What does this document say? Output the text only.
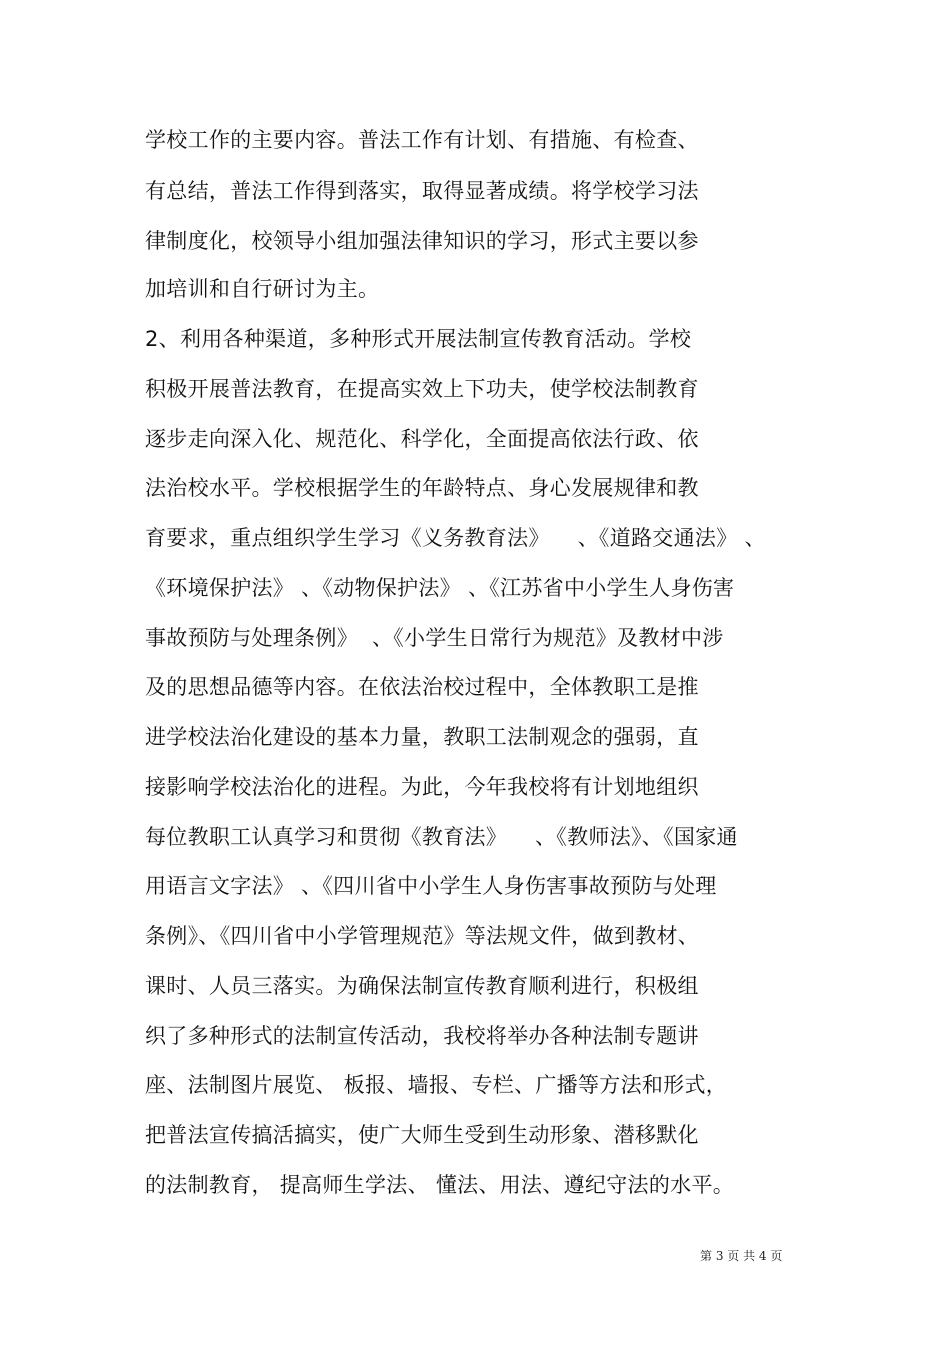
学校工作的主要内容。普法工作有计划、有措施、有检查、
有总结，普法工作得到落实，取得显著成绩。将学校学习法
律制度化，校领导小组加强法律知识的学习，形式主要以参
加培训和自行研讨为主。
2、利用各种渠道，多种形式开展法制宣传教育活动。学校
积极开展普法教育，在提高实效上下功夫，使学校法制教育
逐步走向深入化、规范化、科学化，全面提高依法行政、依
法治校水平。学校根据学生的年龄特点、身心发展规律和教
育要求，重点组织学生学习《义务教育法》    、《道路交通法》 、
《环境保护法》 、《动物保护法》 、《江苏省中小学生人身伤害
事故预防与处理条例》  、《小学生日常行为规范》及教材中涉
及的思想品德等内容。在依法治校过程中，全体教职工是推
进学校法治化建设的基本力量，教职工法制观念的强弱，直
接影响学校法治化的进程。为此，今年我校将有计划地组织
每位教职工认真学习和贯彻《教育法》    、《教师法》、《国家通
用语言文字法》 、《四川省中小学生人身伤害事故预防与处理
条例》、《四川省中小学管理规范》等法规文件，做到教材、
课时、人员三落实。为确保法制宣传教育顺利进行，积极组
织了多种形式的法制宣传活动，我校将举办各种法制专题讲
座、法制图片展览、 板报、墙报、专栏、广播等方法和形式，
把普法宣传搞活搞实，使广大师生受到生动形象、潜移默化
的法制教育， 提高师生学法、 懂法、用法、遵纪守法的水平。
第 3 页 共 4 页
